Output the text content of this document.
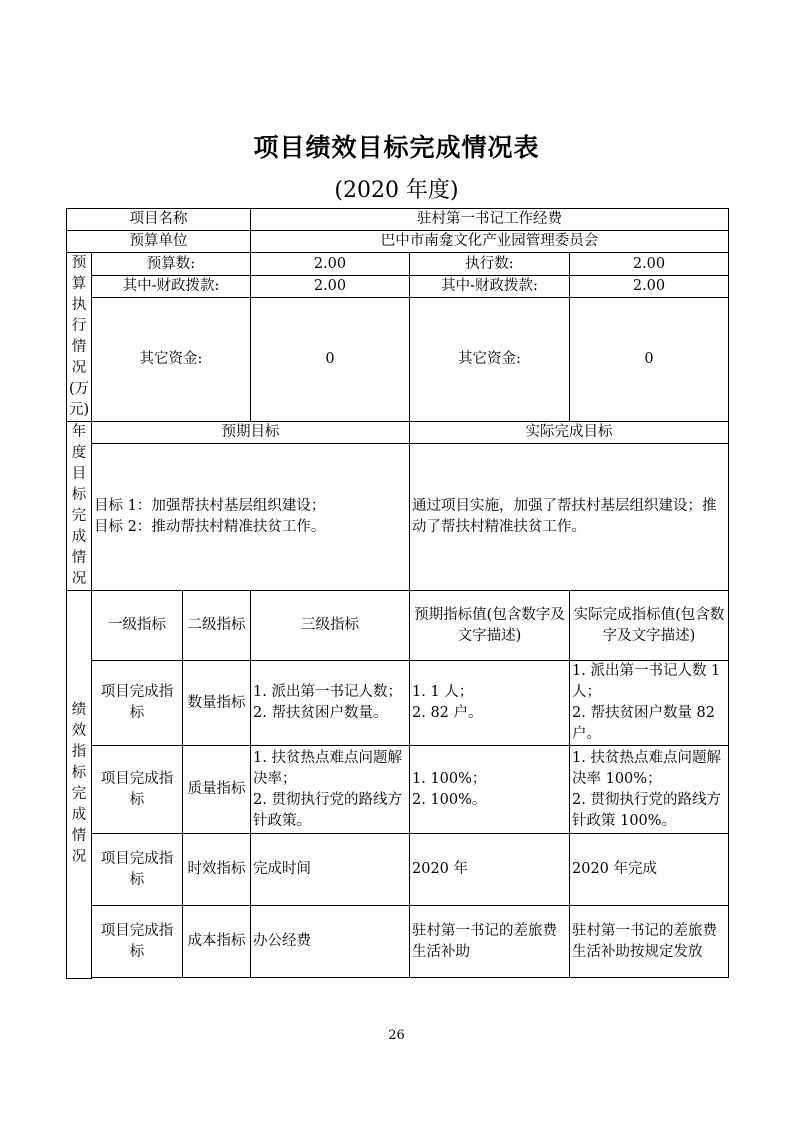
项目绩效目标完成情况表
(2020 年度)
项目名称			驻村第一书记工作经费		
预算单位			巴中市南龛文化产业园管理委员会		
预算执行情况(万元)	预算数:		2.00	执行数:	2.00
	其中-财政拨款:		2.00	其中-财政拨款:	2.00
	其它资金:		0	其它资金:	0
年度目标完成情况	预期目标			实际完成目标	

	目标 1：加强帮扶村基层组织建设；
目标 2：推动帮扶村精准扶贫工作。			通过项目实施，加强了帮扶村基层组织建设；推动了帮扶村精准扶贫工作。	
绩效指标完成情况	一级指标	二级指标	三级指标	预期指标值(包含数字及文字描述)	实际完成指标值(包含数字及文字描述)
	项目完成指标	数量指标	1. 派出第一书记人数；
2. 帮扶贫困户数量。	1. 1 人；
2. 82 户。	1. 派出第一书记人数 1 人；
2. 帮扶贫困户数量 82 户。

	项目完成指标	质量指标	1. 扶贫热点难点问题解决率；
2. 贯彻执行党的路线方针政策。	1. 100%；
2. 100%。	1. 扶贫热点难点问题解决率 100%；
2. 贯彻执行党的路线方针政策 100%。

	项目完成指标	时效指标	完成时间	2020 年	2020 年完成
	项目完成指标	成本指标	办公经费	驻村第一书记的差旅费生活补助	驻村第一书记的差旅费生活补助按规定发放

26
